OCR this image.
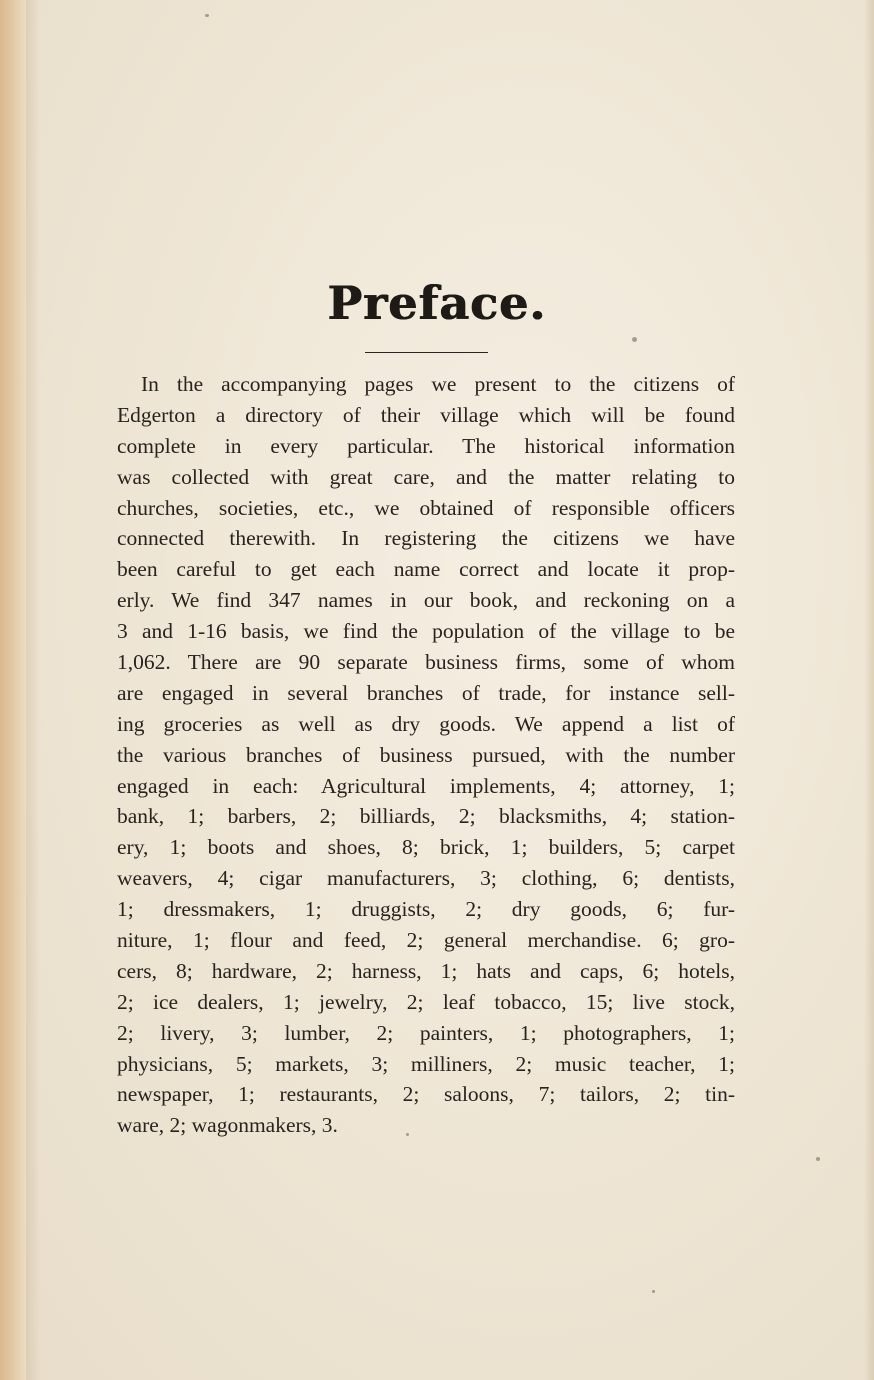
Preface.
In the accompanying pages we present to the citizens of
Edgerton a directory of their village which will be found
complete in every particular. The historical information
was collected with great care, and the matter relating to
churches, societies, etc., we obtained of responsible officers
connected therewith. In registering the citizens we have
been careful to get each name correct and locate it prop-
erly. We find 347 names in our book, and reckoning on a
3 and 1-16 basis, we find the population of the village to be
1,062. There are 90 separate business firms, some of whom
are engaged in several branches of trade, for instance sell-
ing groceries as well as dry goods. We append a list of
the various branches of business pursued, with the number
engaged in each: Agricultural implements, 4; attorney, 1;
bank, 1; barbers, 2; billiards, 2; blacksmiths, 4; station-
ery, 1; boots and shoes, 8; brick, 1; builders, 5; carpet
weavers, 4; cigar manufacturers, 3; clothing, 6; dentists,
1; dressmakers, 1; druggists, 2; dry goods, 6; fur-
niture, 1; flour and feed, 2; general merchandise. 6; gro-
cers, 8; hardware, 2; harness, 1; hats and caps, 6; hotels,
2; ice dealers, 1; jewelry, 2; leaf tobacco, 15; live stock,
2; livery, 3; lumber, 2; painters, 1; photographers, 1;
physicians, 5; markets, 3; milliners, 2; music teacher, 1;
newspaper, 1; restaurants, 2; saloons, 7; tailors, 2; tin-
ware, 2; wagonmakers, 3.
